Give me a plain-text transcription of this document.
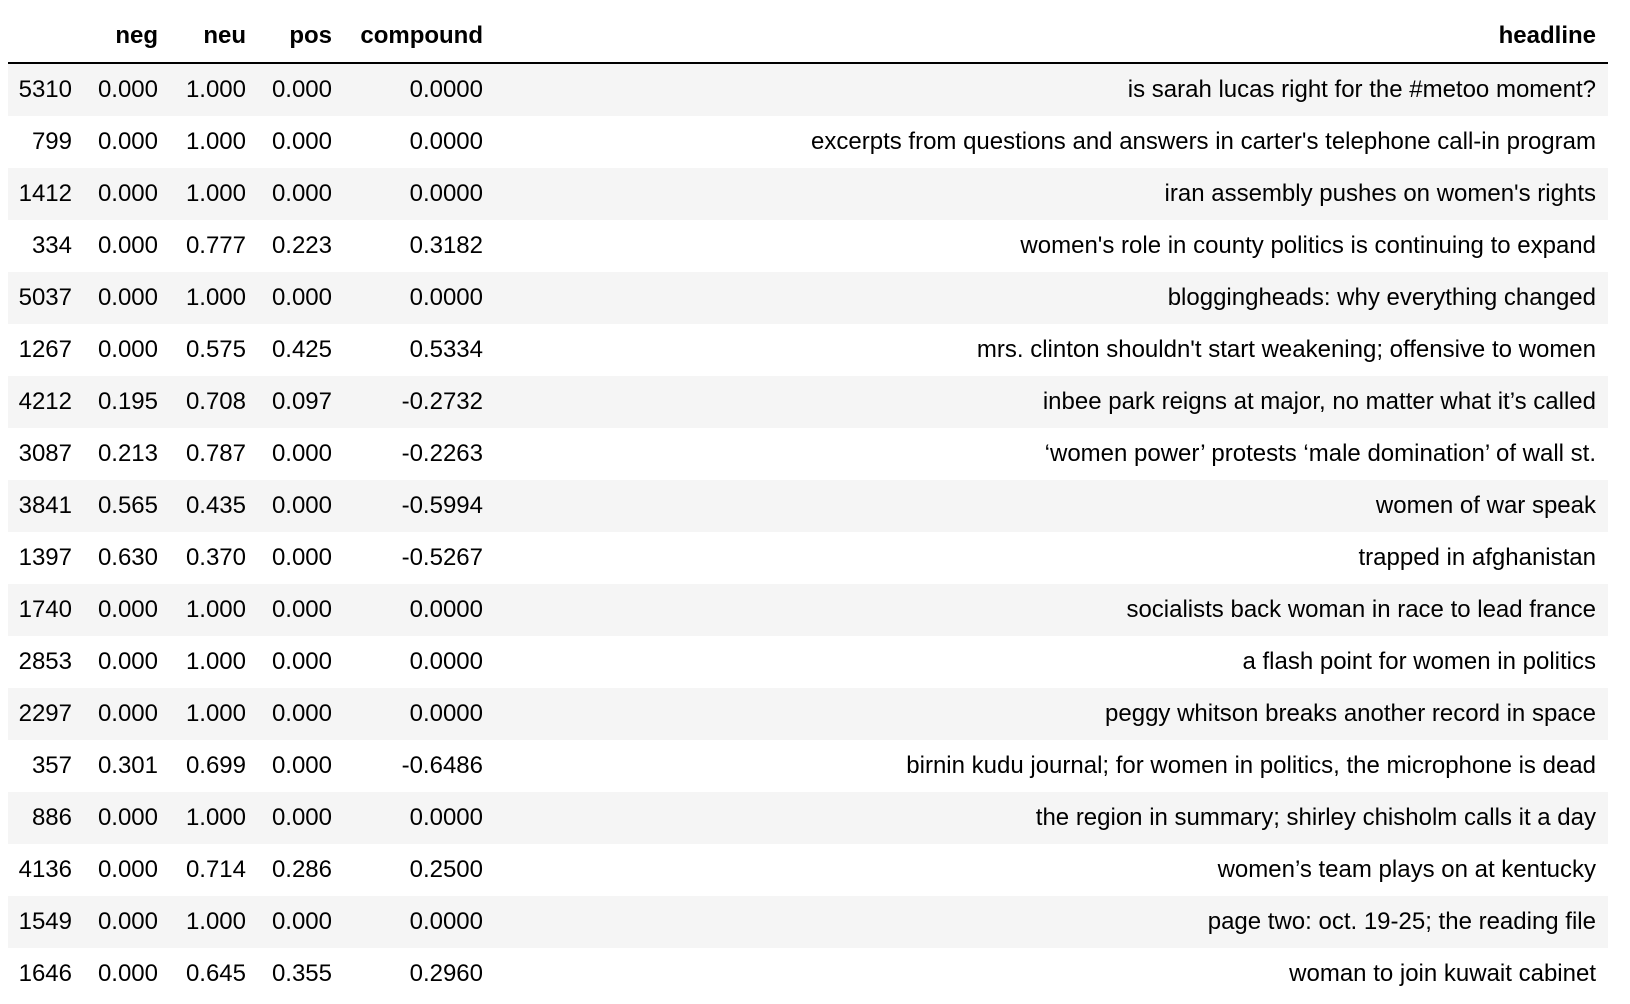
	neg	neu	pos	compound	headline
5310	0.000	1.000	0.000	0.0000	is sarah lucas right for the #metoo moment?
799	0.000	1.000	0.000	0.0000	excerpts from questions and answers in carter's telephone call-in program
1412	0.000	1.000	0.000	0.0000	iran assembly pushes on women's rights
334	0.000	0.777	0.223	0.3182	women's role in county politics is continuing to expand
5037	0.000	1.000	0.000	0.0000	bloggingheads: why everything changed
1267	0.000	0.575	0.425	0.5334	mrs. clinton shouldn't start weakening; offensive to women
4212	0.195	0.708	0.097	-0.2732	inbee park reigns at major, no matter what it’s called
3087	0.213	0.787	0.000	-0.2263	‘women power’ protests ‘male domination’ of wall st.
3841	0.565	0.435	0.000	-0.5994	women of war speak
1397	0.630	0.370	0.000	-0.5267	trapped in afghanistan
1740	0.000	1.000	0.000	0.0000	socialists back woman in race to lead france
2853	0.000	1.000	0.000	0.0000	a flash point for women in politics
2297	0.000	1.000	0.000	0.0000	peggy whitson breaks another record in space
357	0.301	0.699	0.000	-0.6486	birnin kudu journal; for women in politics, the microphone is dead
886	0.000	1.000	0.000	0.0000	the region in summary; shirley chisholm calls it a day
4136	0.000	0.714	0.286	0.2500	women’s team plays on at kentucky
1549	0.000	1.000	0.000	0.0000	page two: oct. 19-25; the reading file
1646	0.000	0.645	0.355	0.2960	woman to join kuwait cabinet
